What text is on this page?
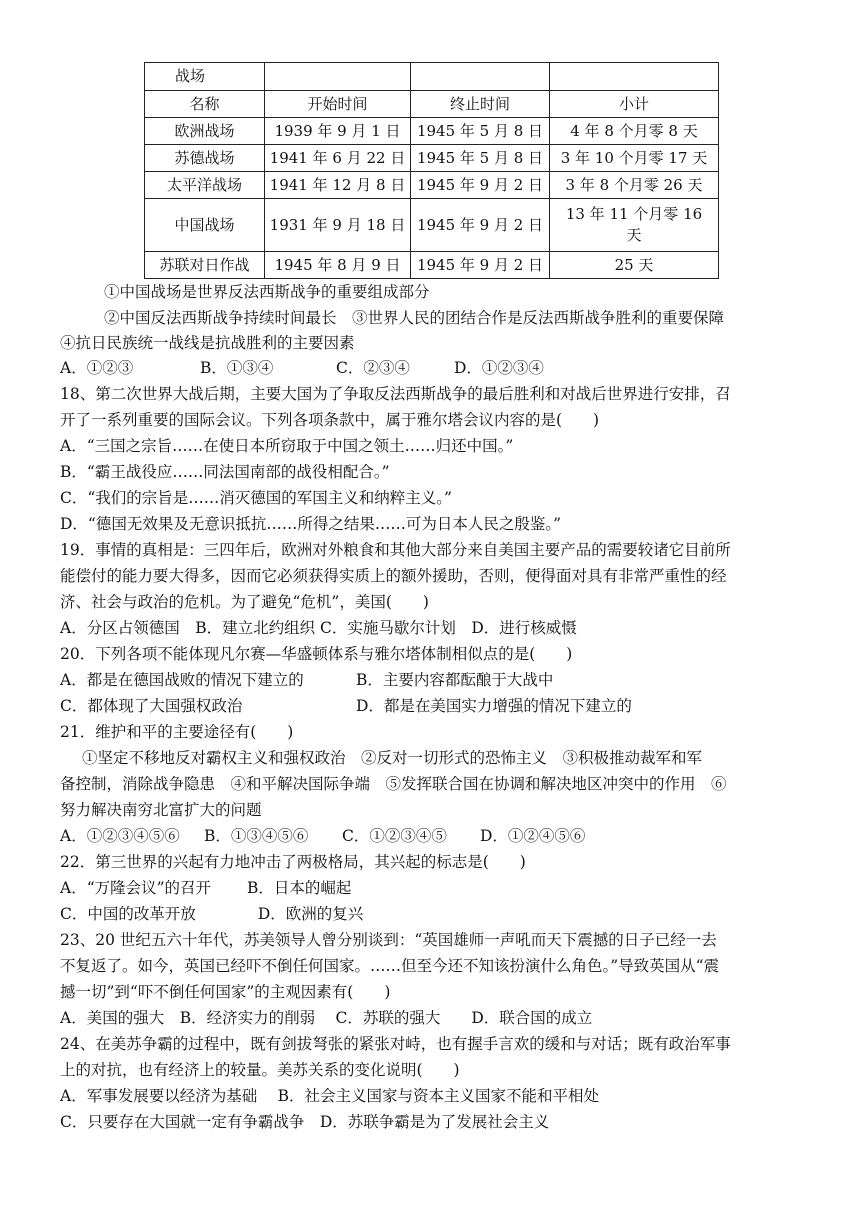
战场			
名称	开始时间	终止时间	小计
欧洲战场	1939 年 9 月 1 日	1945 年 5 月 8 日	4 年 8 个月零 8 天
苏德战场	1941 年 6 月 22 日	1945 年 5 月 8 日	3 年 10 个月零 17 天
太平洋战场	1941 年 12 月 8 日	1945 年 9 月 2 日	3 年 8 个月零 26 天
中国战场	1931 年 9 月 18 日	1945 年 9 月 2 日	13 年 11 个月零 16
天
苏联对日作战	1945 年 8 月 9 日	1945 年 9 月 2 日	25 天
①中国战场是世界反法西斯战争的重要组成部分
②中国反法西斯战争持续时间最长　③世界人民的团结合作是反法西斯战争胜利的重要保障
④抗日民族统一战线是抗战胜利的主要因素
A．①②③	B．①③④	C．②③④	D．①②③④
18、第二次世界大战后期，主要大国为了争取反法西斯战争的最后胜利和对战后世界进行安排，召
开了一系列重要的国际会议。下列各项条款中，属于雅尔塔会议内容的是(　　)
A．“三国之宗旨……在使日本所窃取于中国之领土……归还中国。”
B．“霸王战役应……同法国南部的战役相配合。”
C．“我们的宗旨是……消灭德国的军国主义和纳粹主义。”
D．“德国无效果及无意识抵抗……所得之结果……可为日本人民之殷鉴。”
19．事情的真相是：三四年后，欧洲对外粮食和其他大部分来自美国主要产品的需要较诸它目前所
能偿付的能力要大得多，因而它必须获得实质上的额外援助，否则，便得面对具有非常严重性的经
济、社会与政治的危机。为了避免“危机”，美国(　　)
A．分区占领德国　B．建立北约组织 C．实施马歇尔计划　D．进行核威慑
20．下列各项不能体现凡尔赛—华盛顿体系与雅尔塔体制相似点的是(　　)
A．都是在德国战败的情况下建立的	B．主要内容都酝酿于大战中
C．都体现了大国强权政治	D．都是在美国实力增强的情况下建立的
21．维护和平的主要途径有(　　)
①坚定不移地反对霸权主义和强权政治　②反对一切形式的恐怖主义　③积极推动裁军和军
备控制，消除战争隐患　④和平解决国际争端　⑤发挥联合国在协调和解决地区冲突中的作用　⑥
努力解决南穷北富扩大的问题
A．①②③④⑤⑥ B．①③④⑤⑥ C．①②③④⑤ D．①②④⑤⑥
22．第三世界的兴起有力地冲击了两极格局，其兴起的标志是(　　)
A．“万隆会议”的召开　　 B．日本的崛起
C．中国的改革开放　　　　D．欧洲的复兴
23、20 世纪五六十年代，苏美领导人曾分别谈到：“英国雄师一声吼而天下震撼的日子已经一去
不复返了。如今，英国已经吓不倒任何国家。……但至今还不知该扮演什么角色。”导致英国从“震
撼一切”到“吓不倒任何国家”的主观因素有(　　)
A．美国的强大　B．经济实力的削弱　 C．苏联的强大　　D．联合国的成立
24、在美苏争霸的过程中，既有剑拔弩张的紧张对峙，也有握手言欢的缓和与对话；既有政治军事
上的对抗，也有经济上的较量。美苏关系的变化说明(　　)
A．军事发展要以经济为基础　 B．社会主义国家与资本主义国家不能和平相处
C．只要存在大国就一定有争霸战争　D．苏联争霸是为了发展社会主义
